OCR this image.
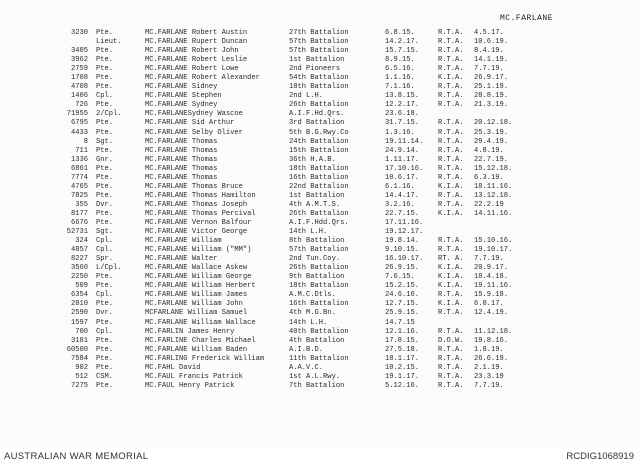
MC.FARLANE
3230 Pte.	MC.FARLANE Robert Austin	27th Battalion	6.8.15.	R.T.A. 4.5.17.
Lieut.	MC.FARLANE Rupert Duncan	57th Battalion	14.2.17.	R.T.A. 10.6.19.
3405 Pte.	MC.FARLANE Robert John	57th Battalion	15.7.15.	R.T.A. 8.4.19.
3962 Pte.	MC.FARLANE Robert Leslie	1st Battalion	8.9.15.	R.T.A. 14.1.19.
2759 Pte.	MC.FARLANE Robert Lowe	2nd Pioneers	6.5.16.	R.T.A. 7.7.19.
1708 Pte.	MC.FARLANE Robert Alexander	54th Battalion	1.1.16.	K.I.A. 26.9.17.
4708 Pte.	MC.FARLANE Sidney	18th Battalion	7.1.16.	R.T.A. 25.1.19.
1406 Cpl.	MC.FARLANE Stephen	2nd L.H.	13.8.15.	R.T.A. 28.8.19.
726 Pte.	MC.FARLANE Sydney	26th Battalion	12.2.17.	R.T.A. 21.3.19.
71955 2/Cpl.	MC.FARLANESydney Wascoe	A.I.F.Hd.Qrs.	23.6.18.
6795 Pte.	MC.FARLANE Sid Arthur	3rd Battalion	31.7.15.	R.T.A. 20.12.18.
4433 Pte.	MC.FARLANE Selby Oliver	5th B.G.Rwy.Co	1.3.16.	R.T.A. 25.3.19.
8 Sgt.	MC.FARLANE Thomas	24th Battalion	19.11.14. R.T.A. 29.4.19.
711 Pte.	MC.FARLANE Thomas	15th Battalion	24.9.14.	R.T.A. 4.8.19.
1336 Gnr.	MC.FARLANE Thomas	36th H.A.B.	1.11.17.	R.T.A. 22.7.19.
6861 Pte.	MC.FARLANE Thomas	18th Battalion	17.10.16. R.T.A. 15.12.18.
7774 Pte.	MC.FARLANE Thomas	16th Battalion	10.6.17.	R.T.A. 6.3.19.
4765 Pte.	MC.FARLANE Thomas Bruce	22nd Battalion	6.1.16.	K.I.A. 18.11.16.
7825 Pte.	MC.FARLANE Thomas Hamilton	1st Battalion	14.4.17.	R.T.A. 13.12.18.
355 Dvr.	MC.FARLANE Thomas Joseph	4th A.M.T.S.	3.2.16.	R.T.A. 22.2.19
8177 Pte.	MC.FARLANE Thomas Percival	26th Battalion	22.7.15.	K.I.A. 14.11.16.
6676 Pte.	MC.FARLANE Vernon Balfour	A.I.F.Hdd.Qrs.	17.11.16.
52731 Sgt.	MC.FARLANE Victor George	14th L.H.	19.12.17.
324 Cpl.	MC.FARLANE William	8th Battalion	19.8.14.	R.T.A. 15.10.16.
4857 Cpl.	MC.FARLANE William ("MM")	57th Battalion	9.10.15.	R.T.A. 19.10.17.
8227 Spr.	MC.FARLANE Walter	2nd Tun.Coy.	16.10.17. RT. A. 7.7.19.
3560 L/Cpl.	MC.FARLANE Wallace Askew	26th Battalion	26.9.15.	K.I.A. 20.9.17.
2250 Pte.	MC.FARLANE William George	9th Battalion	7.6.15.	K.I.A. 18.4.18.
509 Pte.	MC.FARLANE William Herbert	18th Battalion	15.2.15.	K.I.A. 19.11.16.
6354 Cpl.	MC.FARLANE William James	A.M.C.Dtls.	24.6.16.	R.T.A. 15.9.18.
2810 Pte.	MC.FARLANE William John	16th Battalion	12.7.15.	K.I.A. 6.8.17.
2590 Dvr.	MCFARLANE William Samuel	4th M.G.Bn.	25.9.15.	R.T.A. 12.4.19.
1597 Pte.	MC.FARLANE William Wallace	14th L.H.	14.7.15
700 Cpl.	MC.FARLIN James Henry	40th Battalion	12.1.16.	R.T.A. 11.12.18.
3181 Pte.	MC.FARLINE Charles Michael	4th Battalion	17.8.15.	D.O.W. 19.8.16.
60500 Pte.	MC.FARLANE William Baden	A.I.B.D.	27.5.18.	R.T.A. 1.8.19.
7584 Pte.	MC.FARLING Frederick William	11th Battalion	18.1.17.	R.T.A. 26.6.19.
902 Pte.	MC.FAHL David	A.A.V.C.	10.2.15.	R.T.A. 2.1.19.
512 CSM.	MC.FAUL Francis Patrick	1st A.L.Rwy.	19.1.17.	R.T.A. 23.3.19
7275 Pte.	MC.FAUL Henry Patrick	7th Battalion	5.12.16.	R.T.A. 7.7.19.
AUSTRALIAN WAR MEMORIAL	RCDIG1068919
